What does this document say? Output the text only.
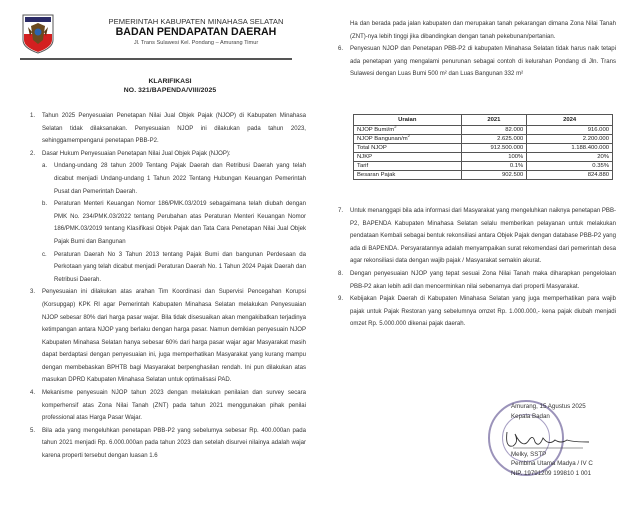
PEMERINTAH KABUPATEN MINAHASA SELATAN
BADAN PENDAPATAN DAERAH
Jl. Trans Sulawesi Kel. Pondang – Amurang Timur
KLARIFIKASI
NO. 321/BAPENDA/VIII/2025
1. Tahun 2025 Penyesuaian Penetapan Nilai Jual Objek Pajak (NJOP) di Kabupaten Minahasa Selatan tidak dilaksanakan. Penyesuaian NJOP ini dilakukan pada tahun 2023, sehinggamempengarui penetapan PBB-P2.
2. Dasar Hukum Penyesuaian Penetapan Nilai Jual Objek Pajak (NJOP):
a. Undang-undang 28 tahun 2009 Tentang Pajak Daerah dan Retribusi Daerah yang telah dicabut menjadi Undang-undang 1 Tahun 2022 Tentang Hubungan Keuangan Pemerintah Pusat dan Pemerintah Daerah.
b. Peraturan Menteri Keuangan Nomor 186/PMK.03/2019 sebagaimana telah diubah dengan PMK No. 234/PMK.03/2022 tentang Perubahan atas Peraturan Menteri Keuangan Nomor 186/PMK.03/2019 tentang Klasifikasi Objek Pajak dan Tata Cara Penetapan Nilai Jual Objek Pajak Bumi dan Bangunan
c. Peraturan Daerah No 3 Tahun 2013 tentang Pajak Bumi dan bangunan Perdesaan da Perkotaan yang telah dicabut menjadi Peraturan Daerah No. 1 Tahun 2024 Pajak Daerah dan Retribusi Daerah.
3. Penyesuaian ini dilakukan atas arahan Tim Koordinasi dan Supervisi Pencegahan Korupsi (Korsupgap) KPK RI agar Pemerintah Kabupaten Minahasa Selatan melakukan Penyesuaian NJOP sebesar 80% dari harga pasar wajar. Bila tidak disesuaikan akan mengakibatkan terjadinya ketimpangan antara NJOP yang berlaku dengan harga pasar. Namun demikian penyesuain NJOP Kabupaten Minahasa Selatan hanya sebesar 60% dari harga pasar wajar agar Masyarakat masih dapat berdaptasi dengan penyesuaian ini, juga memperhatikan Masyarakat yang kurang mampu dengan membebaskan BPHTB bagi Masyarakat berpenghasilan rendah. Ini pun dilakukan atas masukan DPRD Kabupaten Minahasa Selatan untuk optimalisasi PAD.
4. Mekanisme penyesuain NJOP tahun 2023 dengan melakukan penilaian dan survey secara komperhensif atas Zona Nilai Tanah (ZNT) pada tahun 2021 menggunakan pihak penilai professional atas Harga Pasar Wajar.
5. Bila ada yang mengeluhkan penetapan PBB-P2 yang sebelumya sebesar Rp. 400.000an pada tahun 2021 menjadi Rp. 6.000.000an pada tahun 2023 dan setelah disurvei nilainya adalah wajar karena properti tersebut dengan luasan 1.6
Ha dan berada pada jalan kabupaten dan merupakan tanah pekarangan dimana Zona Nilai Tanah (ZNT)-nya lebih tinggi jika dibandingkan dengan tanah pekebunan/pertanian.
6. Penyesuan NJOP dan Penetapan PBB-P2 di kabupaten Minahasa Selatan tidak harus naik tetapi ada penetapan yang mengalami penurunan sebagai contoh di kelurahan Pondang di Jln. Trans Sulawesi dengan Luas Bumi 500 m² dan Luas Bangunan 332 m²
Uraian	2021	2024
NJOP Bumi/$m^2$	82.000	916.000
NJOP Bangunan/$m^2$	2.625.000	2.200.000
Total NJOP	912.500.000	1.188.400.000
NJKP	100%	20%
Tarif	0.1%	0.35%
Besaran Pajak	902.500	824.880
7. Untuk menanggapi bila ada informasi dari Masyarakat yang mengeluhkan naiknya penetapan PBB-P2, BAPENDA Kabupaten Minahasa Selatan selalu memberikan pelayanan untuk melakukan pendataan Kembali sebagai bentuk rekonsiliasi antara Objek Pajak dengan database PBB-P2 yang ada di BAPENDA. Persyaratannya adalah menyampaikan surat rekomendasi dari pemerintah desa agar rekonsiliasi data dengan wajib pajak / Masyarakat semakin akurat.
8. Dengan penyesuaian NJOP yang tepat sesuai Zona Nilai Tanah maka diharapkan pengelolaan PBB-P2 akan lebih adil dan mencerminkan nilai sebenarnya dari properti Masyarakat.
9. Kebijakan Pajak Daerah di Kabupaten Minahasa Selatan yang juga memperhatikan para wajib pajak untuk Pajak Restoran yang sebelumnya omzet Rp. 1.000.000,- kena pajak diubah menjadi omzet Rp. 5.000.000 dikenai pajak daerah.
Amurang, 15 Agustus 2025
Kepala Badan
Melky, SSTP
Pembina Utama Madya / IV C
NIP. 19791209 199810 1 001
